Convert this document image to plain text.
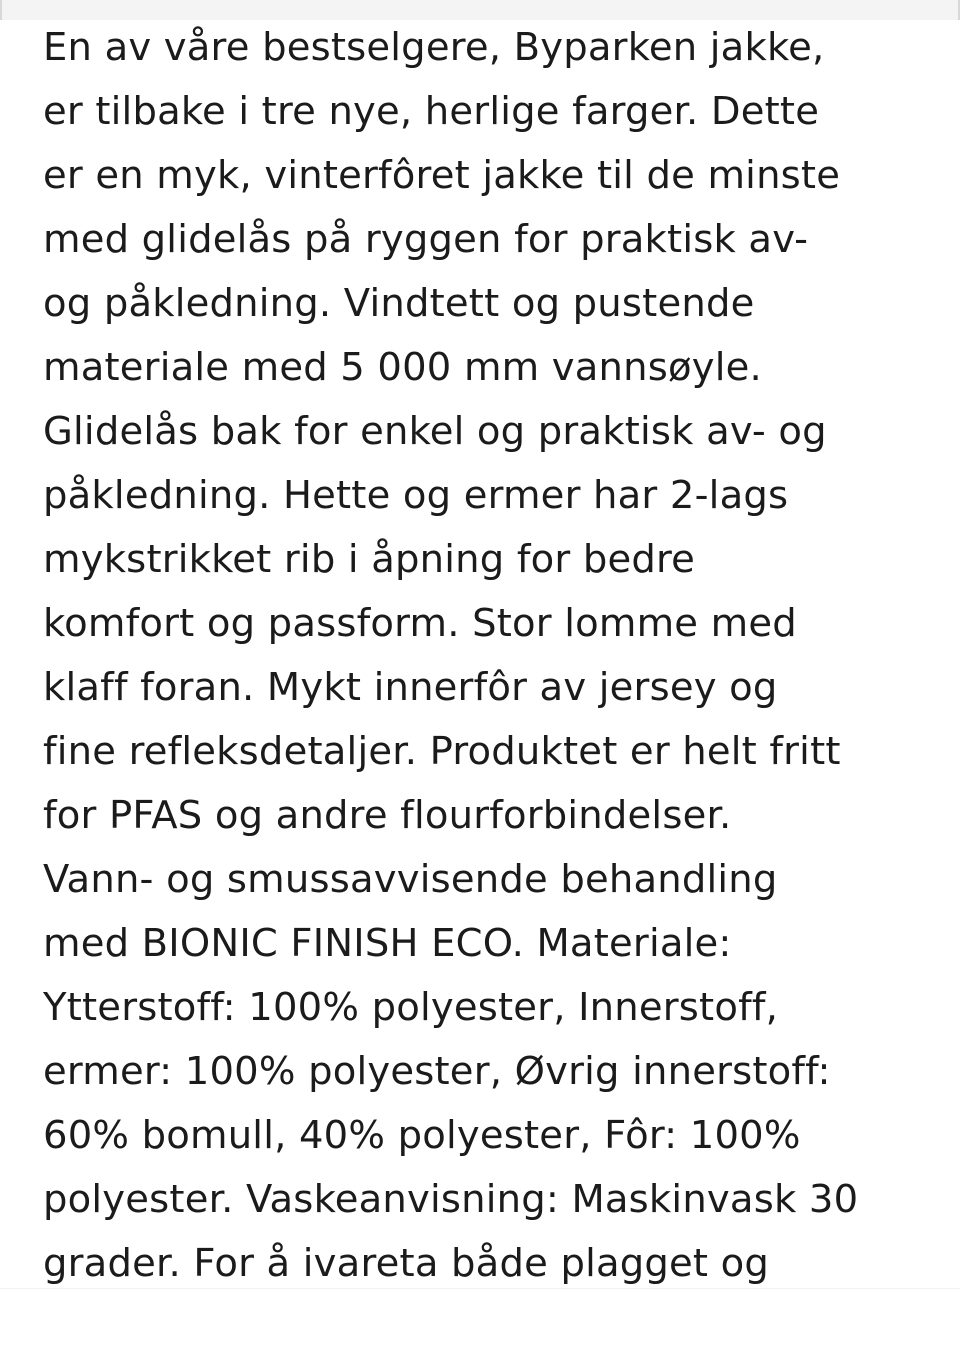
En av våre bestselgere, Byparken jakke,

er tilbake i tre nye, herlige farger. Dette

er en myk, vinterfôret jakke til de minste

med glidelås på ryggen for praktisk av-

og påkledning. Vindtett og pustende

materiale med 5 000 mm vannsøyle.

Glidelås bak for enkel og praktisk av- og

påkledning. Hette og ermer har 2-lags

mykstrikket rib i åpning for bedre

komfort og passform. Stor lomme med

klaff foran. Mykt innerfôr av jersey og

fine refleksdetaljer. Produktet er helt fritt

for PFAS og andre flourforbindelser.

Vann- og smussavvisende behandling

med BIONIC FINISH ECO. Materiale:

Ytterstoff: 100% polyester, Innerstoff,

ermer: 100% polyester, Øvrig innerstoff:

60% bomull, 40% polyester, Fôr: 100%

polyester. Vaskeanvisning: Maskinvask 30

grader. For å ivareta både plagget og
